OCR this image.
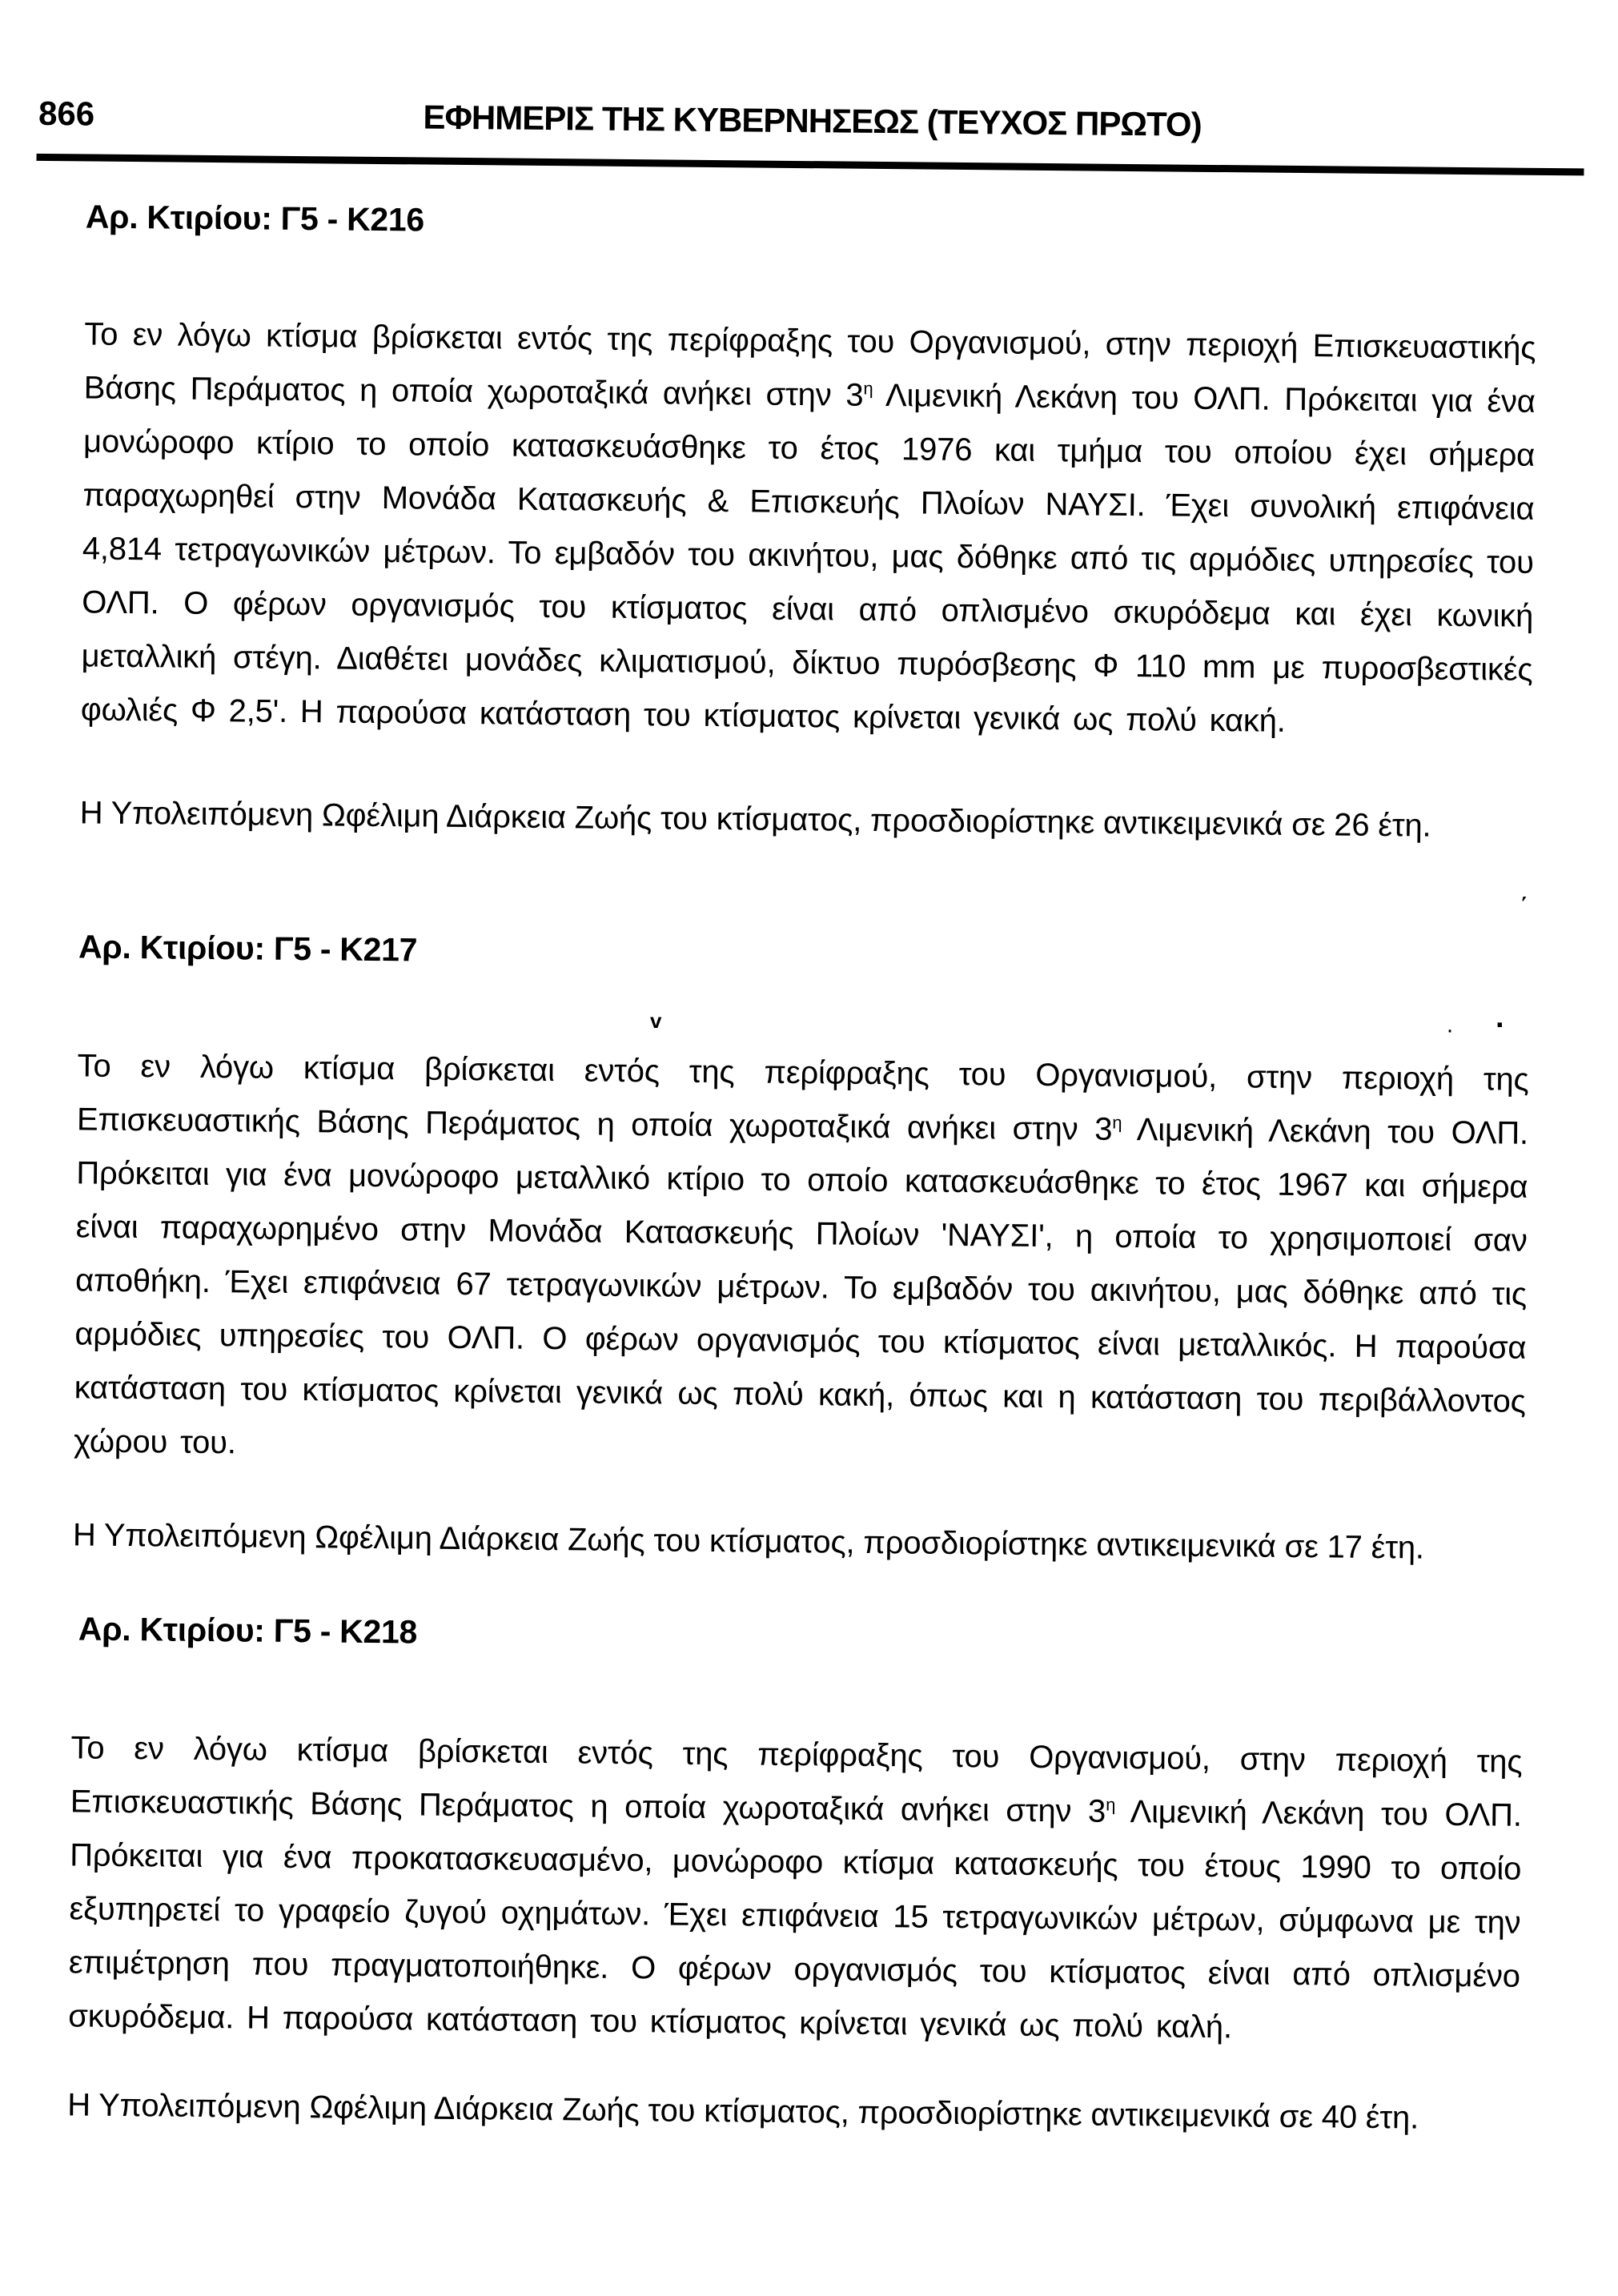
866	ΕΦΗΜΕΡΙΣ ΤΗΣ ΚΥΒΕΡΝΗΣΕΩΣ (ΤΕΥΧΟΣ ΠΡΩΤΟ)
Αρ. Κτιρίου: Γ5 - Κ216

Το εν λόγω κτίσμα βρίσκεται εντός της περίφραξης του Οργανισμού, στην περιοχή Επισκευαστικής Βάσης Περάματος η οποία χωροταξικά ανήκει στην $3^\eta$ Λιμενική Λεκάνη του ΟΛΠ. Πρόκειται για ένα μονώροφο κτίριο το οποίο κατασκευάσθηκε το έτος 1976 και τμήμα του οποίου έχει σήμερα παραχωρηθεί στην Μονάδα Κατασκευής & Επισκευής Πλοίων ΝΑΥΣΙ. Έχει συνολική επιφάνεια 4,814 τετραγωνικών μέτρων. Το εμβαδόν του ακινήτου, μας δόθηκε από τις αρμόδιες υπηρεσίες του ΟΛΠ. Ο φέρων οργανισμός του κτίσματος είναι από οπλισμένο σκυρόδεμα και έχει κωνική μεταλλική στέγη. Διαθέτει μονάδες κλιματισμού, δίκτυο πυρόσβεσης Φ 110 mm με πυροσβεστικές φωλιές Φ 2,5'. Η παρούσα κατάσταση του κτίσματος κρίνεται γενικά ως πολύ κακή.

Η Υπολειπόμενη Ωφέλιμη Διάρκεια Ζωής του κτίσματος, προσδιορίστηκε αντικειμενικά σε 26 έτη.

Αρ. Κτιρίου: Γ5 - Κ217

Το εν λόγω κτίσμα βρίσκεται εντός της περίφραξης του Οργανισμού, στην περιοχή της Επισκευαστικής Βάσης Περάματος η οποία χωροταξικά ανήκει στην $3^\eta$ Λιμενική Λεκάνη του ΟΛΠ. Πρόκειται για ένα μονώροφο μεταλλικό κτίριο το οποίο κατασκευάσθηκε το έτος 1967 και σήμερα είναι παραχωρημένο στην Μονάδα Κατασκευής Πλοίων 'ΝΑΥΣΙ', η οποία το χρησιμοποιεί σαν αποθήκη. Έχει επιφάνεια 67 τετραγωνικών μέτρων. Το εμβαδόν του ακινήτου, μας δόθηκε από τις αρμόδιες υπηρεσίες του ΟΛΠ. Ο φέρων οργανισμός του κτίσματος είναι μεταλλικός. Η παρούσα κατάσταση του κτίσματος κρίνεται γενικά ως πολύ κακή, όπως και η κατάσταση του περιβάλλοντος χώρου του.

Η Υπολειπόμενη Ωφέλιμη Διάρκεια Ζωής του κτίσματος, προσδιορίστηκε αντικειμενικά σε 17 έτη.

Αρ. Κτιρίου: Γ5 - Κ218

Το εν λόγω κτίσμα βρίσκεται εντός της περίφραξης του Οργανισμού, στην περιοχή της Επισκευαστικής Βάσης Περάματος η οποία χωροταξικά ανήκει στην $3^\eta$ Λιμενική Λεκάνη του ΟΛΠ. Πρόκειται για ένα προκατασκευασμένο, μονώροφο κτίσμα κατασκευής του έτους 1990 το οποίο εξυπηρετεί το γραφείο ζυγού οχημάτων. Έχει επιφάνεια 15 τετραγωνικών μέτρων, σύμφωνα με την επιμέτρηση που πραγματοποιήθηκε. Ο φέρων οργανισμός του κτίσματος είναι από οπλισμένο σκυρόδεμα. Η παρούσα κατάσταση του κτίσματος κρίνεται γενικά ως πολύ καλή.

Η Υπολειπόμενη Ωφέλιμη Διάρκεια Ζωής του κτίσματος, προσδιορίστηκε αντικειμενικά σε 40 έτη.

v	· ·
΄
